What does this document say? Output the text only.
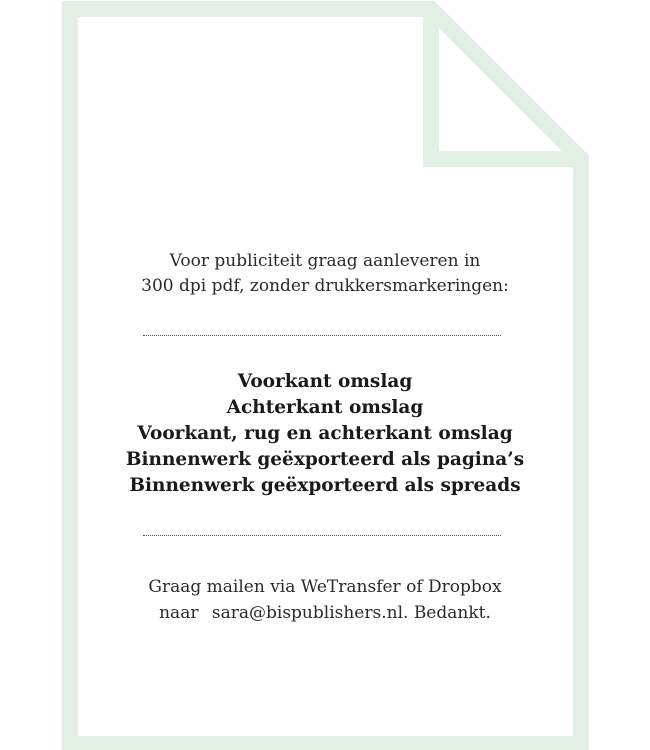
Voor publiciteit graag aanleveren in
300 dpi pdf, zonder drukkersmarkeringen:
Voorkant omslag
Achterkant omslag
Voorkant, rug en achterkant omslag
Binnenwerk geëxporteerd als pagina’s
Binnenwerk geëxporteerd als spreads
Graag mailen via WeTransfer of Dropbox
naar sara@bispublishers.nl. Bedankt.
